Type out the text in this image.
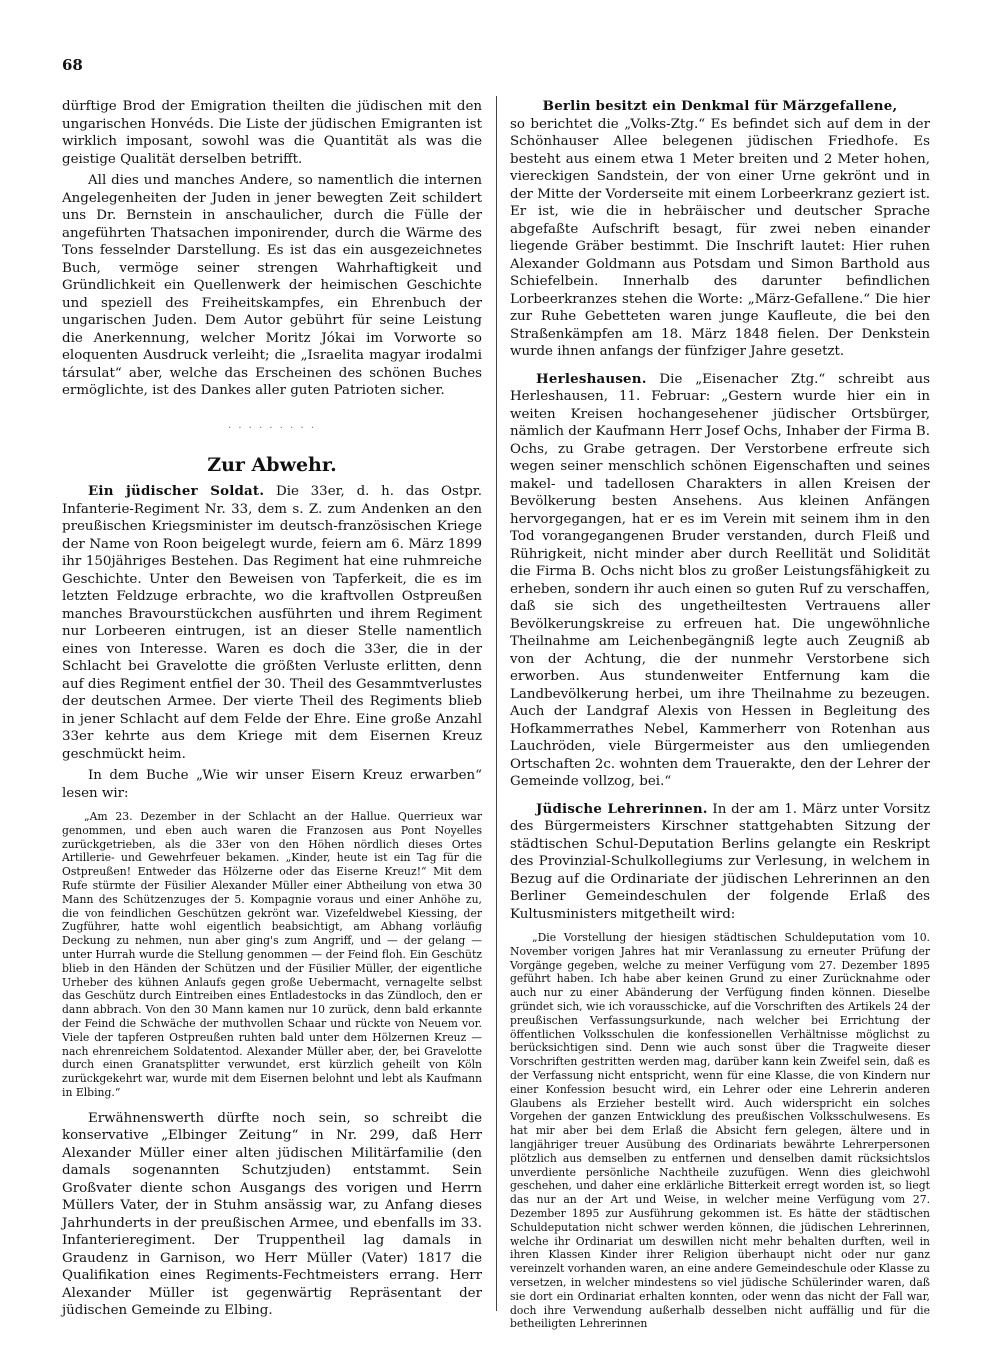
68

dürftige Brod der Emigration theilten die jüdischen mit den ungarischen Honvéds. Die Liste der jüdischen Emigranten ist wirklich imposant, sowohl was die Quantität als was die geistige Qualität derselben betrifft.

All dies und manches Andere, so namentlich die internen Angelegenheiten der Juden in jener bewegten Zeit schildert uns Dr. Bernstein in anschaulicher, durch die Fülle der angeführten Thatsachen imponirender, durch die Wärme des Tons fesselnder Darstellung. Es ist das ein ausgezeichnetes Buch, vermöge seiner strengen Wahrhaftigkeit und Gründlichkeit ein Quellenwerk der heimischen Geschichte und speziell des Freiheitskampfes, ein Ehrenbuch der ungarischen Juden. Dem Autor gebührt für seine Leistung die Anerkennung, welcher Moritz Jókai im Vorworte so eloquenten Ausdruck verleiht; die „Israelita magyar irodalmi társulat“ aber, welche das Erscheinen des schönen Buches ermöglichte, ist des Dankes aller guten Patrioten sicher.

· · · · · · · · ·
Zur Abwehr.

Ein jüdischer Soldat. Die 33er, d. h. das Ostpr. Infanterie-Regiment Nr. 33, dem s. Z. zum Andenken an den preußischen Kriegsminister im deutsch-französischen Kriege der Name von Roon beigelegt wurde, feiern am 6. März 1899 ihr 150jähriges Bestehen. Das Regiment hat eine ruhmreiche Geschichte. Unter den Beweisen von Tapferkeit, die es im letzten Feldzuge erbrachte, wo die kraftvollen Ostpreußen manches Bravourstückchen ausführten und ihrem Regiment nur Lorbeeren eintrugen, ist an dieser Stelle namentlich eines von Interesse. Waren es doch die 33er, die in der Schlacht bei Gravelotte die größten Verluste erlitten, denn auf dies Regiment entfiel der 30. Theil des Gesammtverlustes der deutschen Armee. Der vierte Theil des Regiments blieb in jener Schlacht auf dem Felde der Ehre. Eine große Anzahl 33er kehrte aus dem Kriege mit dem Eisernen Kreuz geschmückt heim.

In dem Buche „Wie wir unser Eisern Kreuz erwarben“ lesen wir:

„Am 23. Dezember in der Schlacht an der Hallue. Querrieux war genommen, und eben auch waren die Franzosen aus Pont Noyelles zurückgetrieben, als die 33er von den Höhen nördlich dieses Ortes Artillerie- und Gewehrfeuer bekamen. „Kinder, heute ist ein Tag für die Ostpreußen! Entweder das Hölzerne oder das Eiserne Kreuz!“ Mit dem Rufe stürmte der Füsilier Alexander Müller einer Abtheilung von etwa 30 Mann des Schützenzuges der 5. Kompagnie voraus und einer Anhöhe zu, die von feindlichen Geschützen gekrönt war. Vizefeldwebel Kiessing, der Zugführer, hatte wohl eigentlich beabsichtigt, am Abhang vorläufig Deckung zu nehmen, nun aber ging's zum Angriff, und — der gelang — unter Hurrah wurde die Stellung genommen — der Feind floh. Ein Geschütz blieb in den Händen der Schützen und der Füsilier Müller, der eigentliche Urheber des kühnen Anlaufs gegen große Uebermacht, vernagelte selbst das Geschütz durch Eintreiben eines Entladestocks in das Zündloch, den er dann abbrach. Von den 30 Mann kamen nur 10 zurück, denn bald erkannte der Feind die Schwäche der muthvollen Schaar und rückte von Neuem vor. Viele der tapferen Ostpreußen ruhten bald unter dem Hölzernen Kreuz — nach ehrenreichem Soldatentod. Alexander Müller aber, der, bei Gravelotte durch einen Granatsplitter verwundet, erst kürzlich geheilt von Köln zurückgekehrt war, wurde mit dem Eisernen belohnt und lebt als Kaufmann in Elbing.“

Erwähnenswerth dürfte noch sein, so schreibt die konservative „Elbinger Zeitung“ in Nr. 299, daß Herr Alexander Müller einer alten jüdischen Militärfamilie (den damals sogenannten Schutzjuden) entstammt. Sein Großvater diente schon Ausgangs des vorigen und Herrn Müllers Vater, der in Stuhm ansässig war, zu Anfang dieses Jahrhunderts in der preußischen Armee, und ebenfalls im 33. Infanterieregiment. Der Truppentheil lag damals in Graudenz in Garnison, wo Herr Müller (Vater) 1817 die Qualifikation eines Regiments-Fechtmeisters errang. Herr Alexander Müller ist gegenwärtig Repräsentant der jüdischen Gemeinde zu Elbing.

Berlin besitzt ein Denkmal für Märzgefallene,

so berichtet die „Volks-Ztg.“ Es befindet sich auf dem in der Schönhauser Allee belegenen jüdischen Friedhofe. Es besteht aus einem etwa 1 Meter breiten und 2 Meter hohen, viereckigen Sandstein, der von einer Urne gekrönt und in der Mitte der Vorderseite mit einem Lorbeerkranz geziert ist. Er ist, wie die in hebräischer und deutscher Sprache abgefaßte Aufschrift besagt, für zwei neben einander liegende Gräber bestimmt. Die Inschrift lautet: Hier ruhen Alexander Goldmann aus Potsdam und Simon Barthold aus Schiefelbein. Innerhalb des darunter befindlichen Lorbeerkranzes stehen die Worte: „März-Gefallene.“ Die hier zur Ruhe Gebetteten waren junge Kaufleute, die bei den Straßenkämpfen am 18. März 1848 fielen. Der Denkstein wurde ihnen anfangs der fünfziger Jahre gesetzt.

Herleshausen. Die „Eisenacher Ztg.“ schreibt aus Herleshausen, 11. Februar: „Gestern wurde hier ein in weiten Kreisen hochangesehener jüdischer Ortsbürger, nämlich der Kaufmann Herr Josef Ochs, Inhaber der Firma B. Ochs, zu Grabe getragen. Der Verstorbene erfreute sich wegen seiner menschlich schönen Eigenschaften und seines makel- und tadellosen Charakters in allen Kreisen der Bevölkerung besten Ansehens. Aus kleinen Anfängen hervorgegangen, hat er es im Verein mit seinem ihm in den Tod vorangegangenen Bruder verstanden, durch Fleiß und Rührigkeit, nicht minder aber durch Reellität und Solidität die Firma B. Ochs nicht blos zu großer Leistungsfähigkeit zu erheben, sondern ihr auch einen so guten Ruf zu verschaffen, daß sie sich des ungetheiltesten Vertrauens aller Bevölkerungskreise zu erfreuen hat. Die ungewöhnliche Theilnahme am Leichenbegängniß legte auch Zeugniß ab von der Achtung, die der nunmehr Verstorbene sich erworben. Aus stundenweiter Entfernung kam die Landbevölkerung herbei, um ihre Theilnahme zu bezeugen. Auch der Landgraf Alexis von Hessen in Begleitung des Hofkammerrathes Nebel, Kammerherr von Rotenhan aus Lauchröden, viele Bürgermeister aus den umliegenden Ortschaften 2c. wohnten dem Trauerakte, den der Lehrer der Gemeinde vollzog, bei.“

Jüdische Lehrerinnen. In der am 1. März unter Vorsitz des Bürgermeisters Kirschner stattgehabten Sitzung der städtischen Schul-Deputation Berlins gelangte ein Reskript des Provinzial-Schulkollegiums zur Verlesung, in welchem in Bezug auf die Ordinariate der jüdischen Lehrerinnen an den Berliner Gemeindeschulen der folgende Erlaß des Kultusministers mitgetheilt wird:

„Die Vorstellung der hiesigen städtischen Schuldeputation vom 10. November vorigen Jahres hat mir Veranlassung zu erneuter Prüfung der Vorgänge gegeben, welche zu meiner Verfügung vom 27. Dezember 1895 geführt haben. Ich habe aber keinen Grund zu einer Zurücknahme oder auch nur zu einer Abänderung der Verfügung finden können. Dieselbe gründet sich, wie ich vorausschicke, auf die Vorschriften des Artikels 24 der preußischen Verfassungsurkunde, nach welcher bei Errichtung der öffentlichen Volksschulen die konfessionellen Verhältnisse möglichst zu berücksichtigen sind. Denn wie auch sonst über die Tragweite dieser Vorschriften gestritten werden mag, darüber kann kein Zweifel sein, daß es der Verfassung nicht entspricht, wenn für eine Klasse, die von Kindern nur einer Konfession besucht wird, ein Lehrer oder eine Lehrerin anderen Glaubens als Erzieher bestellt wird. Auch widerspricht ein solches Vorgehen der ganzen Entwicklung des preußischen Volksschulwesens. Es hat mir aber bei dem Erlaß die Absicht fern gelegen, ältere und in langjähriger treuer Ausübung des Ordinariats bewährte Lehrerpersonen plötzlich aus demselben zu entfernen und denselben damit rücksichtslos unverdiente persönliche Nachtheile zuzufügen. Wenn dies gleichwohl geschehen, und daher eine erklärliche Bitterkeit erregt worden ist, so liegt das nur an der Art und Weise, in welcher meine Verfügung vom 27. Dezember 1895 zur Ausführung gekommen ist. Es hätte der städtischen Schuldeputation nicht schwer werden können, die jüdischen Lehrerinnen, welche ihr Ordinariat um deswillen nicht mehr behalten durften, weil in ihren Klassen Kinder ihrer Religion überhaupt nicht oder nur ganz vereinzelt vorhanden waren, an eine andere Gemeindeschule oder Klasse zu versetzen, in welcher mindestens so viel jüdische Schülerinder waren, daß sie dort ein Ordinariat erhalten konnten, oder wenn das nicht der Fall war, doch ihre Verwendung außerhalb desselben nicht auffällig und für die betheiligten Lehrerinnen
